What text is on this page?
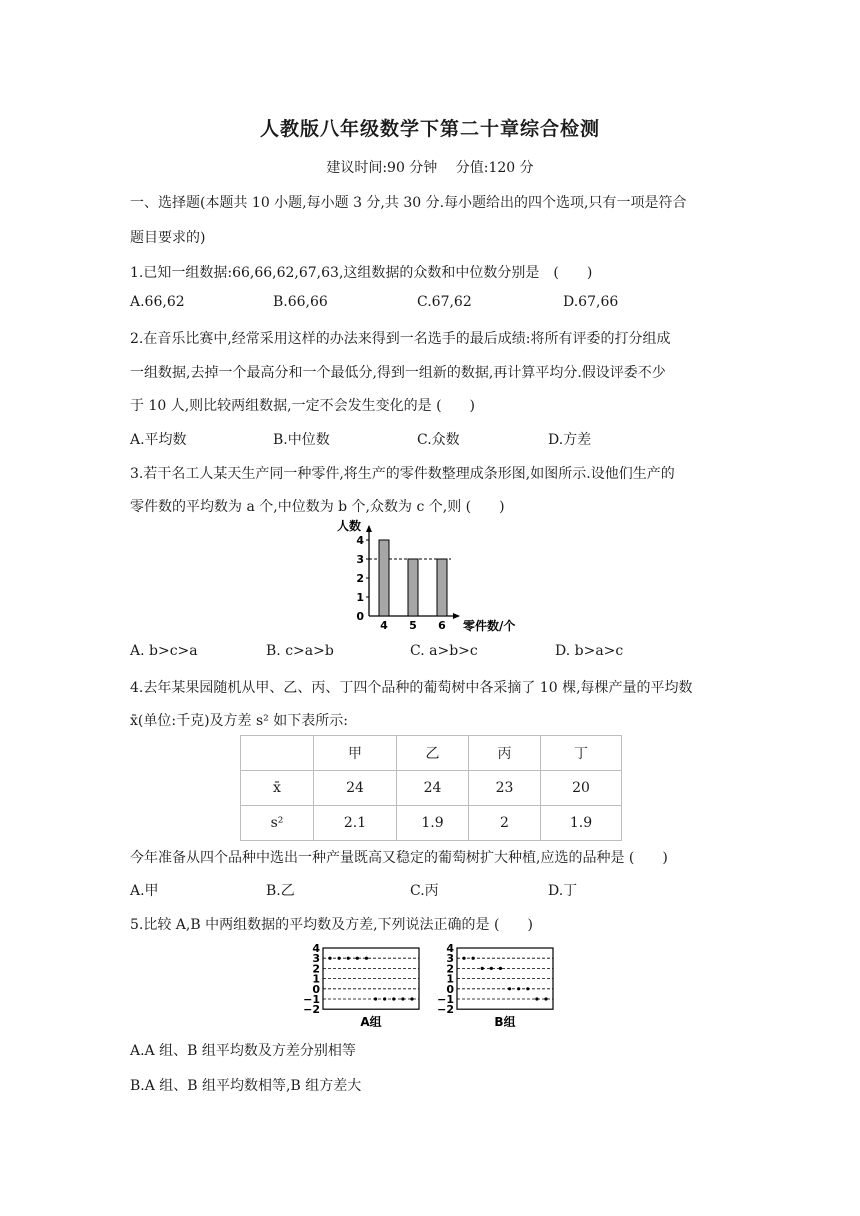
人教版八年级数学下第二十章综合检测
建议时间:90 分钟　 分值:120 分
一、选择题(本题共 10 小题,每小题 3 分,共 30 分.每小题给出的四个选项,只有一项是符合
题目要求的)
1.已知一组数据:66,66,62,67,63,这组数据的众数和中位数分别是　(　　)
A.66,62	B.66,66	C.67,62	D.67,66
2.在音乐比赛中,经常采用这样的办法来得到一名选手的最后成绩:将所有评委的打分组成
一组数据,去掉一个最高分和一个最低分,得到一组新的数据,再计算平均分.假设评委不少
于 10 人,则比较两组数据,一定不会发生变化的是 (　　)
A.平均数	B.中位数	C.众数	D.方差
3.若干名工人某天生产同一种零件,将生产的零件数整理成条形图,如图所示.设他们生产的
零件数的平均数为 a 个,中位数为 b 个,众数为 c 个,则 (　　)
人数
零件数/个
0
1
2
3
4
4 5 6
A. b>c>a	B. c>a>b	C. a>b>c	D. b>a>c
4.去年某果园随机从甲、乙、丙、丁四个品种的葡萄树中各采摘了 10 棵,每棵产量的平均数
x̄(单位:千克)及方差 s² 如下表所示:
	甲	乙	丙	丁
x̄	24	24	23	20
s²	2.1	1.9	2	1.9
今年准备从四个品种中选出一种产量既高又稳定的葡萄树扩大种植,应选的品种是 (　　)
A.甲	B.乙	C.丙	D.丁
5.比较 A,B 中两组数据的平均数及方差,下列说法正确的是 (　　)
4
3
2
1
0
−1
−2
A组
4
3
2
1
0
−1
−2
B组
A.A 组、B 组平均数及方差分别相等
B.A 组、B 组平均数相等,B 组方差大
